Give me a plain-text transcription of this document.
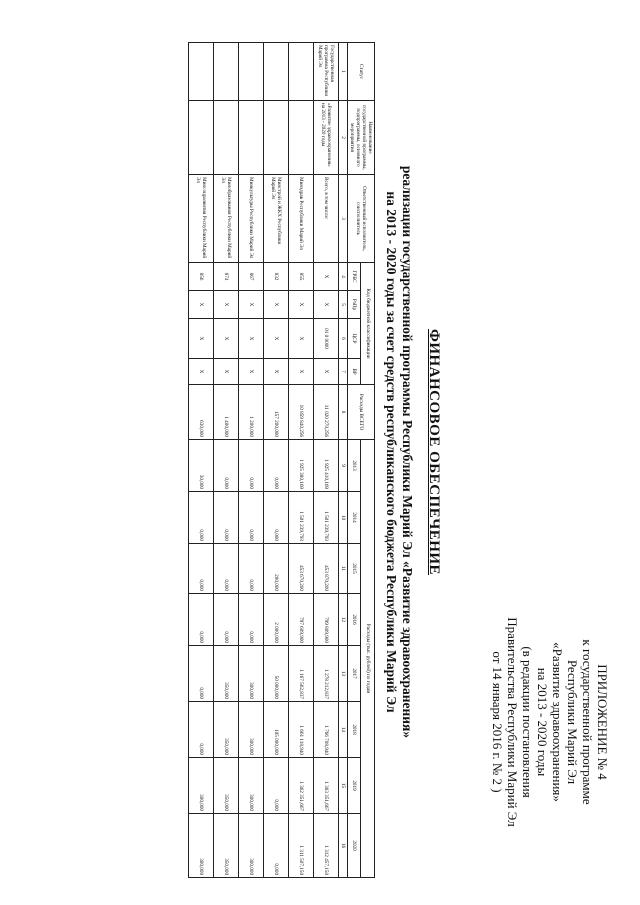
ПРИЛОЖЕНИЕ № 4
к государственной программе
Республики Марий Эл
«Развитие здравоохранения»
на 2013 - 2020 годы
(в редакции постановления
Правительства Республики Марий Эл
от 14 января 2016 г. № 2 )
ФИНАНСОВОЕ ОБЕСПЕЧЕНИЕ
реализации государственной программы Республики Марий Эл «Развитие здравоохранения»
на 2013 - 2020 годы за счет средств республиканского бюджета Республики Марий Эл
Статус	Наименование государственной программы, подпрограммы, основного мероприятия	Ответственный исполнитель, соисполнитель	Код бюджетной классификации				Расходы ВСЕГО	Расходы (тыс. рублей) по годам							
			ГРБС	РзПр	ЦСР	ВР		2013	2014	2015	2016	2017	2018	2019	2020
1	2	3	4	5	6	7	8	9	10	11	12	13	14	15	16
Государственная программа Республики Марий Эл	«Развитие здравоохранения» на 2013 - 2020 годы	Всего, в том числе:	Х	Х	01 0 0000	Х	11 020 270,256	1 925 410,169	1 501 239,793	453 870,200	799 809,900	1 278 212,837	1 766 708,940	1 383 351,667	1 312 457,150
		Минздрав Республики Марий Эл	855	Х	Х	Х	10 859 840,256	1 925 380,169	1 501 239,793	453 670,200	797 609,900	1 167 562,837	1 661 118,940	1 362 351,667	1 311 507,150
		Минстрой и ЖКХ Республики Марий Эл	832	Х	Х	Х	157 200,000	0,000	0,000	200,000	2 000,000	50 000,000	105 000,000	0,000	0,000
		Минкультуры Республики Марий Эл	867	Х	Х	Х	1 200,000	0,000	0,000	0,000	0,000	300,000	300,000	300,000	300,000
		Минобразования Республики Марий Эл	874	Х	Х	Х	1 400,000	0,000	0,000	0,000	0,000	350,000	350,000	350,000	350,000
		Минсоцразвития Республики Марий Эл	856	Х	Х	Х	630,000	30,000	0,000	0,000	0,000	0,000	0,000	300,000	300,000
